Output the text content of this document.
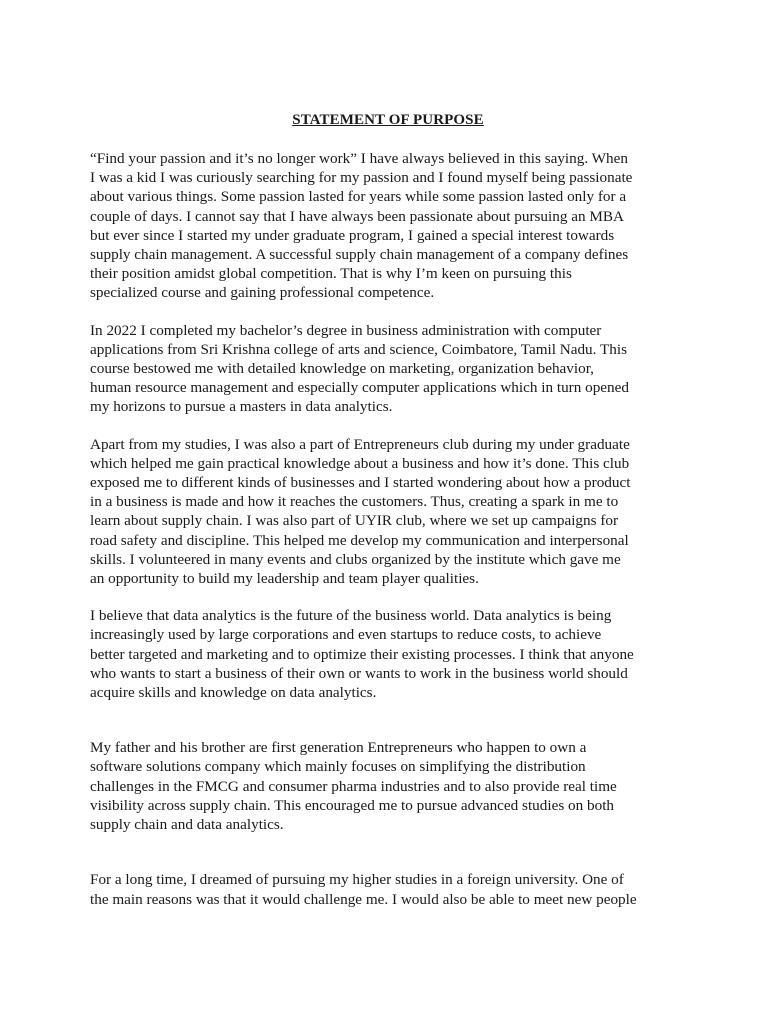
STATEMENT OF PURPOSE
“Find your passion and it’s no longer work” I have always believed in this saying. When
I was a kid I was curiously searching for my passion and I found myself being passionate
about various things. Some passion lasted for years while some passion lasted only for a
couple of days. I cannot say that I have always been passionate about pursuing an MBA
but ever since I started my under graduate program, I gained a special interest towards
supply chain management. A successful supply chain management of a company defines
their position amidst global competition. That is why I’m keen on pursuing this
specialized course and gaining professional competence.
In 2022 I completed my bachelor’s degree in business administration with computer
applications from Sri Krishna college of arts and science, Coimbatore, Tamil Nadu. This
course bestowed me with detailed knowledge on marketing, organization behavior,
human resource management and especially computer applications which in turn opened
my horizons to pursue a masters in data analytics.
Apart from my studies, I was also a part of Entrepreneurs club during my under graduate
which helped me gain practical knowledge about a business and how it’s done. This club
exposed me to different kinds of businesses and I started wondering about how a product
in a business is made and how it reaches the customers. Thus, creating a spark in me to
learn about supply chain. I was also part of UYIR club, where we set up campaigns for
road safety and discipline. This helped me develop my communication and interpersonal
skills. I volunteered in many events and clubs organized by the institute which gave me
an opportunity to build my leadership and team player qualities.
I believe that data analytics is the future of the business world. Data analytics is being
increasingly used by large corporations and even startups to reduce costs, to achieve
better targeted and marketing and to optimize their existing processes. I think that anyone
who wants to start a business of their own or wants to work in the business world should
acquire skills and knowledge on data analytics.
My father and his brother are first generation Entrepreneurs who happen to own a
software solutions company which mainly focuses on simplifying the distribution
challenges in the FMCG and consumer pharma industries and to also provide real time
visibility across supply chain. This encouraged me to pursue advanced studies on both
supply chain and data analytics.
For a long time, I dreamed of pursuing my higher studies in a foreign university. One of
the main reasons was that it would challenge me. I would also be able to meet new people
